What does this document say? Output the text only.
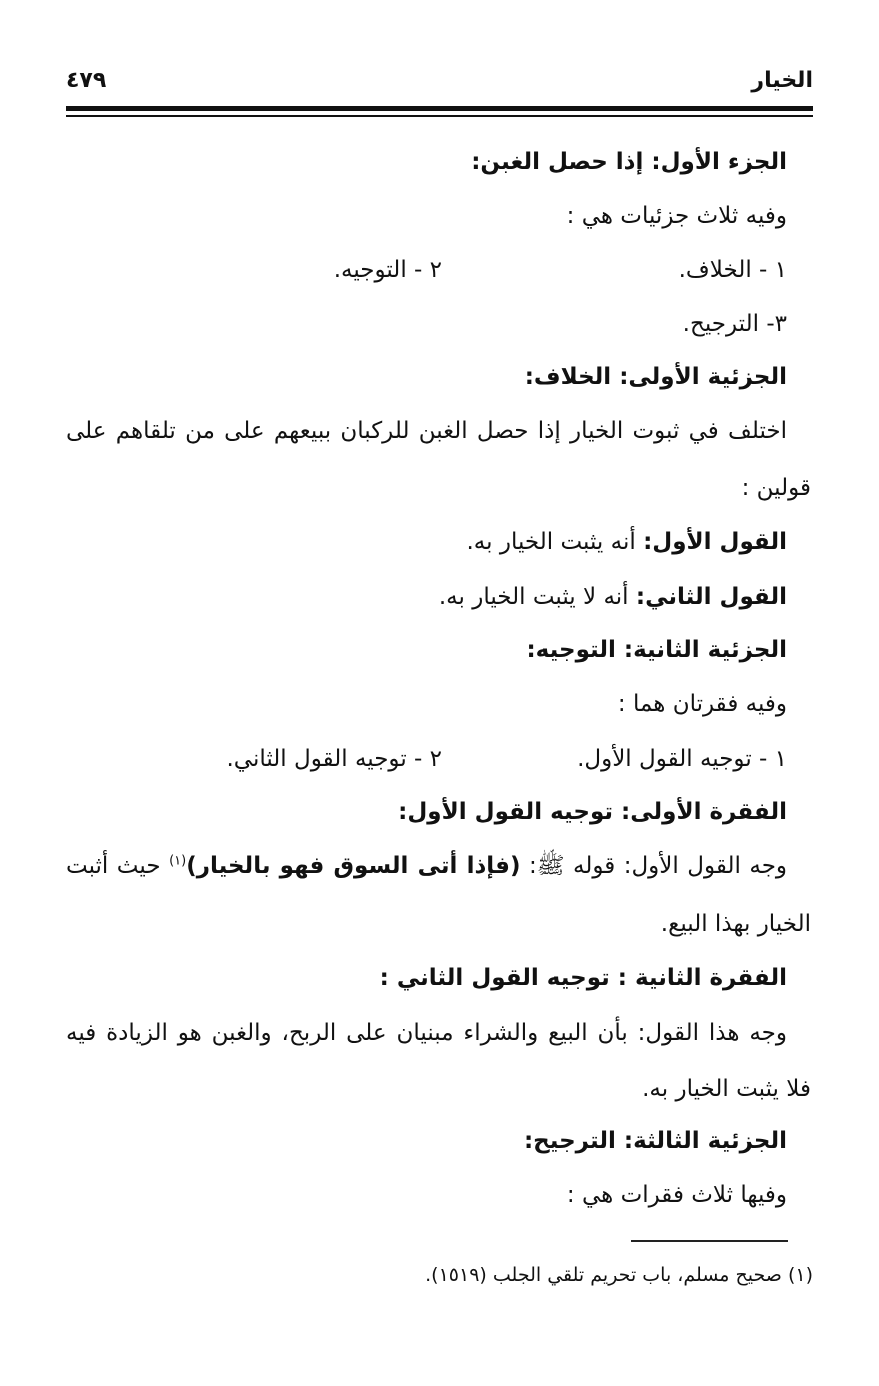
الخيار
٤٧٩
الجزء الأول: إذا حصل الغبن:
وفيه ثلاث جزئيات هي :
١ - الخلاف.
٢ - التوجيه.
٣- الترجيح.
الجزئية الأولى: الخلاف:
اختلف في ثبوت الخيار إذا حصل الغبن للركبان ببيعهم على من تلقاهم على
قولين :
القول الأول: أنه يثبت الخيار به.
القول الثاني: أنه لا يثبت الخيار به.
الجزئية الثانية: التوجيه:
وفيه فقرتان هما :
١ - توجيه القول الأول.
٢ - توجيه القول الثاني.
الفقرة الأولى: توجيه القول الأول:
وجه القول الأول: قوله ﷺ: (فإذا أتى السوق فهو بالخيار)$^{(١)}$ حيث أثبت
الخيار بهذا البيع.
الفقرة الثانية : توجيه القول الثاني :
وجه هذا القول: بأن البيع والشراء مبنيان على الربح، والغبن هو الزيادة فيه
فلا يثبت الخيار به.
الجزئية الثالثة: الترجيح:
وفيها ثلاث فقرات هي :
(١) صحيح مسلم، باب تحريم تلقي الجلب (١٥١٩).
